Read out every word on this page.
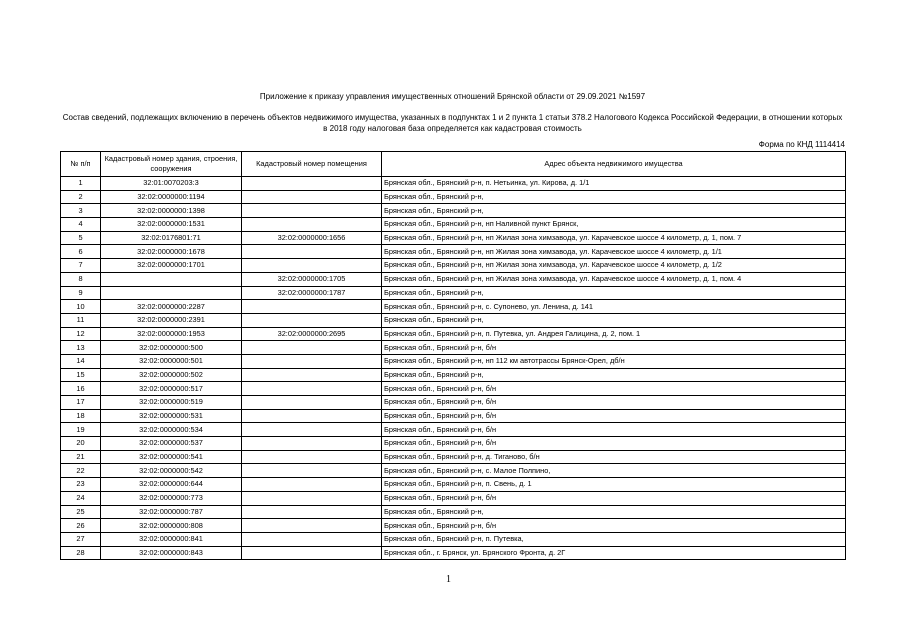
Приложение к приказу управления имущественных отношений Брянской области от 29.09.2021 №1597
Состав сведений, подлежащих включению в перечень объектов недвижимого имущества, указанных в подпунктах 1 и 2 пункта 1 статьи 378.2 Налогового Кодекса Российской Федерации, в отношении которых в 2018 году налоговая база определяется как кадастровая стоимость
Форма по КНД 1114414
№ п/п	Кадастровый номер здания, строения, сооружения	Кадастровый номер помещения	Адрес объекта недвижимого имущества
1	32:01:0070203:3		Брянская обл., Брянский р-н, п. Нетьинка, ул. Кирова, д. 1/1
2	32:02:0000000:1194		Брянская обл., Брянский р-н,
3	32:02:0000000:1398		Брянская обл., Брянский р-н,
4	32:02:0000000:1531		Брянская обл., Брянский р-н, нп Наливной пункт Брянск,
5	32:02:0176801:71	32:02:0000000:1656	Брянская обл., Брянский р-н, нп Жилая зона химзавода, ул. Карачевское шоссе 4 километр, д. 1, пом. 7
6	32:02:0000000:1678		Брянская обл., Брянский р-н, нп Жилая зона химзавода, ул. Карачевское шоссе 4 километр, д. 1/1
7	32:02:0000000:1701		Брянская обл., Брянский р-н, нп Жилая зона химзавода, ул. Карачевское шоссе 4 километр, д. 1/2
8		32:02:0000000:1705	Брянская обл., Брянский р-н, нп Жилая зона химзавода, ул. Карачевское шоссе 4 километр, д. 1, пом. 4
9		32:02:0000000:1787	Брянская обл., Брянский р-н,
10	32:02:0000000:2287		Брянская обл., Брянский р-н, с. Супонево, ул. Ленина, д. 141
11	32:02:0000000:2391		Брянская обл., Брянский р-н,
12	32:02:0000000:1953	32:02:0000000:2695	Брянская обл., Брянский р-н, п. Путевка, ул. Андрея Галицина, д. 2, пом. 1
13	32:02:0000000:500		Брянская обл., Брянский р-н, б/н
14	32:02:0000000:501		Брянская обл., Брянский р-н, нп 112 км автотрассы Брянск-Орел, дб/н
15	32:02:0000000:502		Брянская обл., Брянский р-н,
16	32:02:0000000:517		Брянская обл., Брянский р-н, б/н
17	32:02:0000000:519		Брянская обл., Брянский р-н, б/н
18	32:02:0000000:531		Брянская обл., Брянский р-н, б/н
19	32:02:0000000:534		Брянская обл., Брянский р-н, б/н
20	32:02:0000000:537		Брянская обл., Брянский р-н, б/н
21	32:02:0000000:541		Брянская обл., Брянский р-н, д. Тиганово, б/н
22	32:02:0000000:542		Брянская обл., Брянский р-н, с. Малое Полпино,
23	32:02:0000000:644		Брянская обл., Брянский р-н, п. Свень, д. 1
24	32:02:0000000:773		Брянская обл., Брянский р-н, б/н
25	32:02:0000000:787		Брянская обл., Брянский р-н,
26	32:02:0000000:808		Брянская обл., Брянский р-н, б/н
27	32:02:0000000:841		Брянская обл., Брянский р-н, п. Путевка,
28	32:02:0000000:843		Брянская обл., г. Брянск, ул. Брянского Фронта, д. 2Г
1
